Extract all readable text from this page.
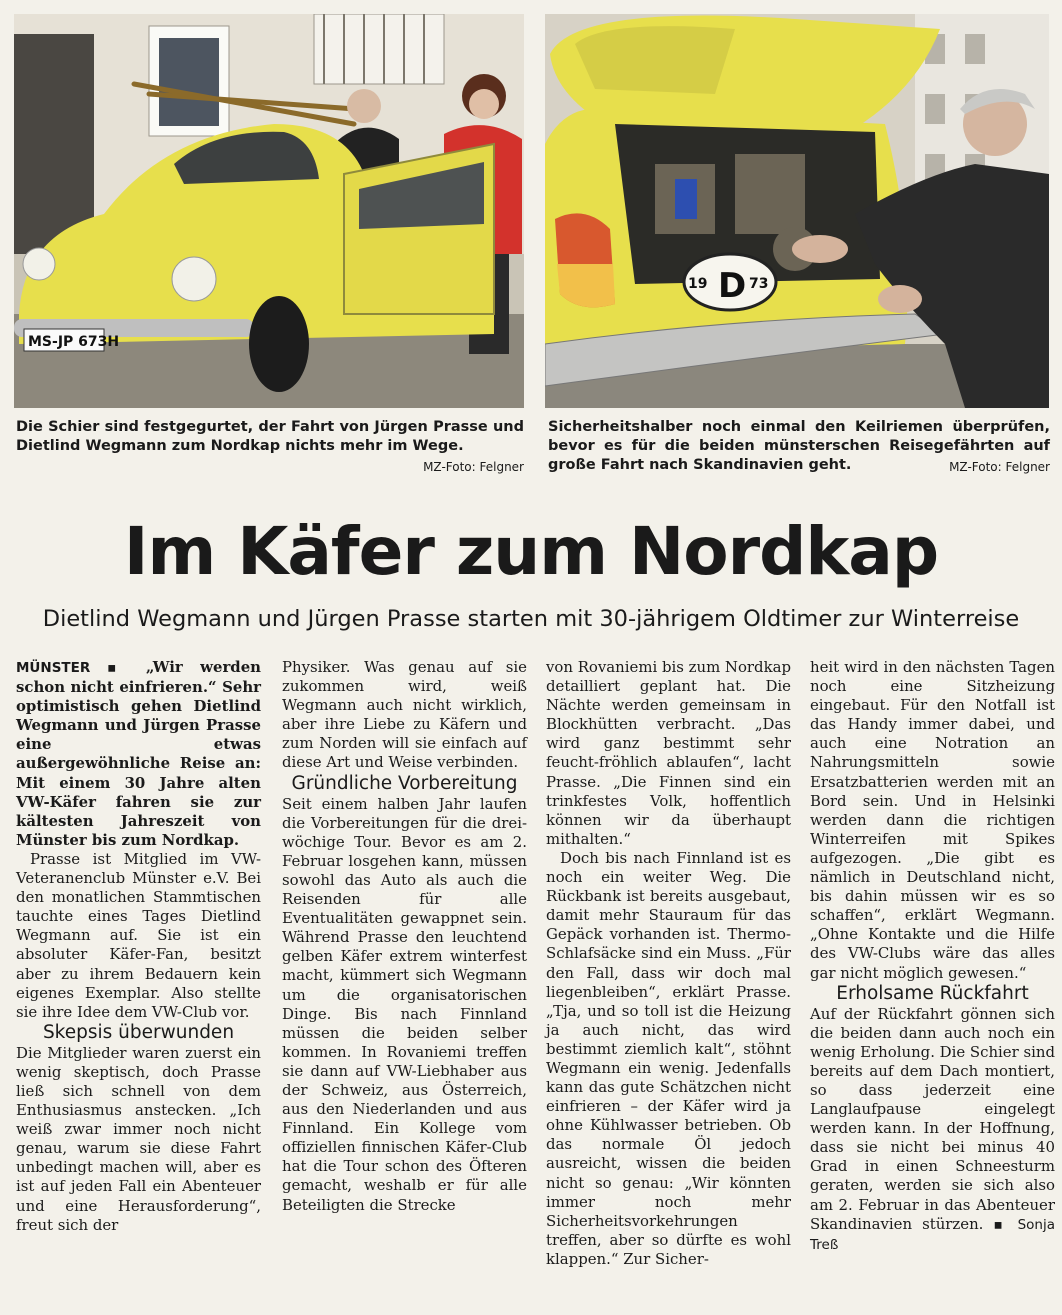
MS-JP 673H
19 D 73
Die Schier sind festgegurtet, der Fahrt von Jürgen Prasse und Dietlind Wegmann zum Nordkap nichts mehr im Wege.
MZ-Foto: Felgner
Sicherheitshalber noch einmal den Keilriemen überprüfen, bevor es für die beiden münsterschen Reisegefährten auf große Fahrt nach Skandinavien geht.	MZ-Foto: Felgner
Im Käfer zum Nordkap
Dietlind Wegmann und Jürgen Prasse starten mit 30-jährigem Oldtimer zur Winterreise

MÜNSTER ▪ „Wir werden schon nicht einfrieren.“ Sehr optimistisch gehen Dietlind Wegmann und Jürgen Prasse eine etwas außergewöhnliche Reise an: Mit einem 30 Jahre alten VW-Käfer fahren sie zur kältesten Jahreszeit von Münster bis zum Nordkap.

Prasse ist Mitglied im VW-Veteranenclub Münster e.V. Bei den monatlichen Stammtischen tauchte eines Tages Dietlind Wegmann auf. Sie ist ein absoluter Käfer-Fan, besitzt aber zu ihrem Bedauern kein eigenes Exemplar. Also stellte sie ihre Idee dem VW-Club vor.

Skepsis überwunden

Die Mitglieder waren zuerst ein wenig skeptisch, doch Prasse ließ sich schnell von dem Enthusiasmus anstecken. „Ich weiß zwar immer noch nicht genau, warum sie diese Fahrt unbedingt machen will, aber es ist auf jeden Fall ein Abenteuer und eine Herausforderung“, freut sich der

Physiker. Was genau auf sie zukommen wird, weiß Wegmann auch nicht wirklich, aber ihre Liebe zu Käfern und zum Norden will sie einfach auf diese Art und Weise verbinden.

Gründliche Vorbereitung

Seit einem halben Jahr laufen die Vorbereitungen für die drei-wöchige Tour. Bevor es am 2. Februar losgehen kann, müssen sowohl das Auto als auch die Reisenden für alle Eventualitäten gewappnet sein. Während Prasse den leuchtend gelben Käfer extrem winterfest macht, kümmert sich Wegmann um die organisatorischen Dinge. Bis nach Finnland müssen die beiden selber kommen. In Rovaniemi treffen sie dann auf VW-Liebhaber aus der Schweiz, aus Österreich, aus den Niederlanden und aus Finnland. Ein Kollege vom offiziellen finnischen Käfer-Club hat die Tour schon des Öfteren gemacht, weshalb er für alle Beteiligten die Strecke

von Rovaniemi bis zum Nordkap detailliert geplant hat. Die Nächte werden gemeinsam in Blockhütten verbracht. „Das wird ganz bestimmt sehr feucht-fröhlich ablaufen“, lacht Prasse. „Die Finnen sind ein trinkfestes Volk, hoffentlich können wir da überhaupt mithalten.“

Doch bis nach Finnland ist es noch ein weiter Weg. Die Rückbank ist bereits ausgebaut, damit mehr Stauraum für das Gepäck vorhanden ist. Thermo-Schlafsäcke sind ein Muss. „Für den Fall, dass wir doch mal liegenbleiben“, erklärt Prasse. „Tja, und so toll ist die Heizung ja auch nicht, das wird bestimmt ziemlich kalt“, stöhnt Wegmann ein wenig. Jedenfalls kann das gute Schätzchen nicht einfrieren – der Käfer wird ja ohne Kühlwasser betrieben. Ob das normale Öl jedoch ausreicht, wissen die beiden nicht so genau: „Wir könnten immer noch mehr Sicherheitsvorkehrungen treffen, aber so dürfte es wohl klappen.“ Zur Sicher-

heit wird in den nächsten Tagen noch eine Sitzheizung eingebaut. Für den Notfall ist das Handy immer dabei, und auch eine Notration an Nahrungsmitteln sowie Ersatzbatterien werden mit an Bord sein. Und in Helsinki werden dann die richtigen Winterreifen mit Spikes aufgezogen. „Die gibt es nämlich in Deutschland nicht, bis dahin müssen wir es so schaffen“, erklärt Wegmann. „Ohne Kontakte und die Hilfe des VW-Clubs wäre das alles gar nicht möglich gewesen.“

Erholsame Rückfahrt

Auf der Rückfahrt gönnen sich die beiden dann auch noch ein wenig Erholung. Die Schier sind bereits auf dem Dach montiert, so dass jederzeit eine Langlaufpause eingelegt werden kann. In der Hoffnung, dass sie nicht bei minus 40 Grad in einen Schneesturm geraten, werden sie sich also am 2. Februar in das Abenteuer Skandinavien stürzen. ▪ Sonja Treß
